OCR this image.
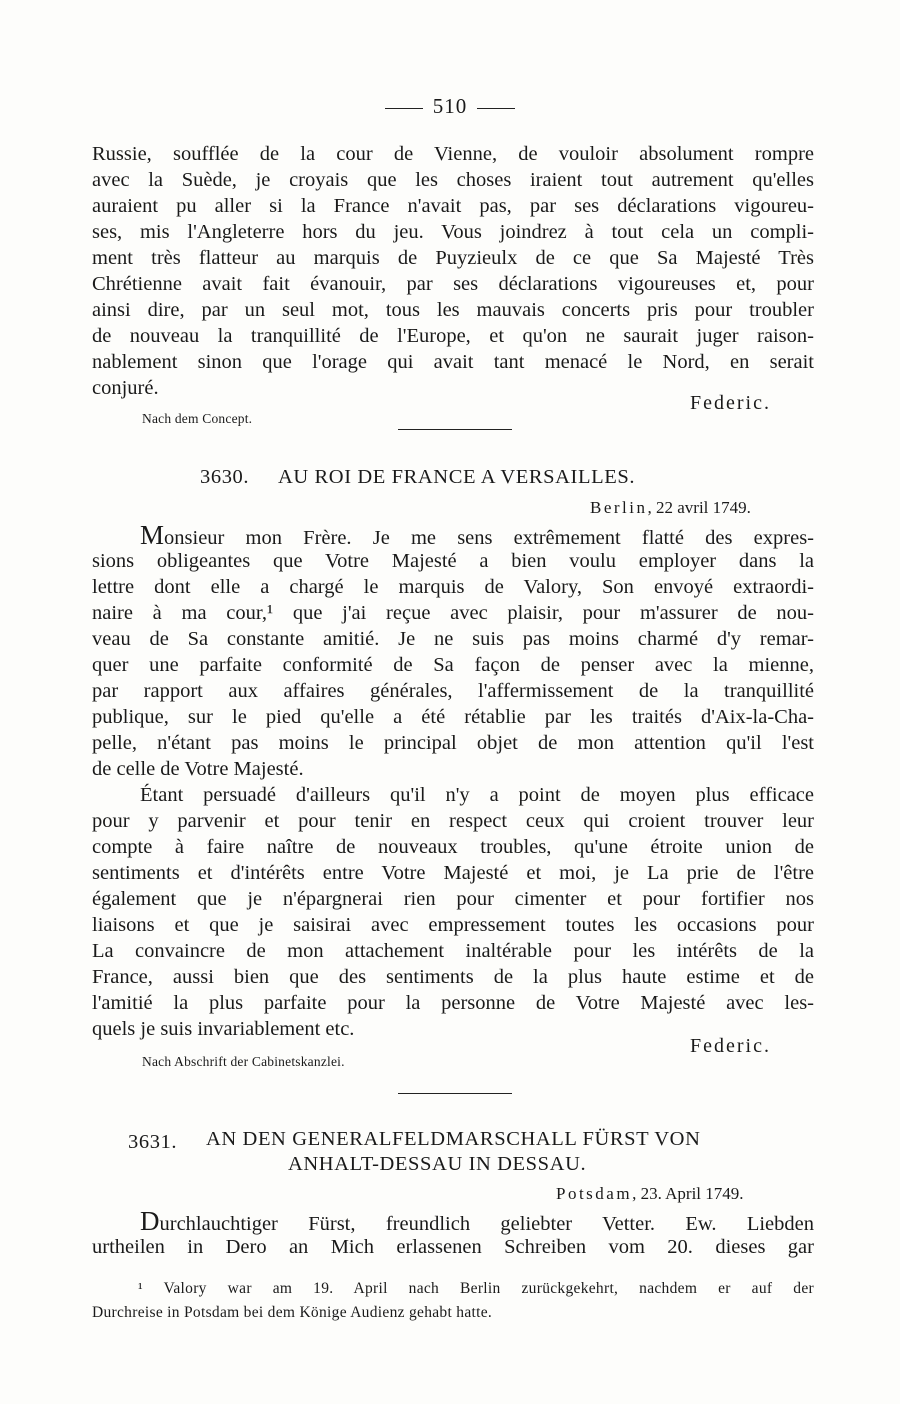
510
Russie, soufflée de la cour de Vienne, de vouloir absolument rompre
avec la Suède, je croyais que les choses iraient tout autrement qu'elles
auraient pu aller si la France n'avait pas, par ses déclarations vigoureu-
ses, mis l'Angleterre hors du jeu. Vous joindrez à tout cela un compli-
ment très flatteur au marquis de Puyzieulx de ce que Sa Majesté Très
Chrétienne avait fait évanouir, par ses déclarations vigoureuses et, pour
ainsi dire, par un seul mot, tous les mauvais concerts pris pour troubler
de nouveau la tranquillité de l'Europe, et qu'on ne saurait juger raison-
nablement sinon que l'orage qui avait tant menacé le Nord, en serait
conjuré.
Federic.
Nach dem Concept.
3630. AU ROI DE FRANCE A VERSAILLES.
Berlin, 22 avril 1749.
Monsieur mon Frère. Je me sens extrêmement flatté des expres-
sions obligeantes que Votre Majesté a bien voulu employer dans la
lettre dont elle a chargé le marquis de Valory, Son envoyé extraordi-
naire à ma cour,¹ que j'ai reçue avec plaisir, pour m'assurer de nou-
veau de Sa constante amitié. Je ne suis pas moins charmé d'y remar-
quer une parfaite conformité de Sa façon de penser avec la mienne,
par rapport aux affaires générales, l'affermissement de la tranquillité
publique, sur le pied qu'elle a été rétablie par les traités d'Aix-la-Cha-
pelle, n'étant pas moins le principal objet de mon attention qu'il l'est
de celle de Votre Majesté.
Étant persuadé d'ailleurs qu'il n'y a point de moyen plus efficace
pour y parvenir et pour tenir en respect ceux qui croient trouver leur
compte à faire naître de nouveaux troubles, qu'une étroite union de
sentiments et d'intérêts entre Votre Majesté et moi, je La prie de l'être
également que je n'épargnerai rien pour cimenter et pour fortifier nos
liaisons et que je saisirai avec empressement toutes les occasions pour
La convaincre de mon attachement inaltérable pour les intérêts de la
France, aussi bien que des sentiments de la plus haute estime et de
l'amitié la plus parfaite pour la personne de Votre Majesté avec les-
quels je suis invariablement etc.
Federic.
Nach Abschrift der Cabinetskanzlei.
3631. AN DEN GENERALFELDMARSCHALL FÜRST VON
ANHALT-DESSAU IN DESSAU.
Potsdam, 23. April 1749.
Durchlauchtiger Fürst, freundlich geliebter Vetter. Ew. Liebden
urtheilen in Dero an Mich erlassenen Schreiben vom 20. dieses gar
¹ Valory war am 19. April nach Berlin zurückgekehrt, nachdem er auf der
Durchreise in Potsdam bei dem Könige Audienz gehabt hatte.
